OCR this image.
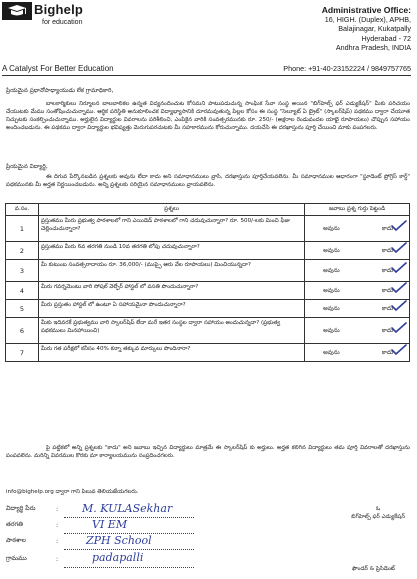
Bighelp
for education
A Catalyst For Better Education
Administrative Office:
16, HIGH. (Duplex), APHB,
Balajinagar, Kukatpally
Hyderabad - 72
Andhra Pradesh, INDIA
Phone: +91-40-23152224 / 9849757765
ప్రియమైన ప్రధానోపాధ్యాయుడు లేక గ్రామాధికారి,
బాలకార్మికులు నిర్మూలన బాలబాలికల ఉన్నత విద్యనందించుట కోసమని పాటుపడుచున్న సాంఘిక సేవా సంస్థ అయిన "బిగ్‌హెల్ప్ ఫర్ ఎడ్యుకేషన్" మీకు పరిచయం చేయుటకు మేము సంతోషించుచున్నాము. ఆర్థిక పరిస్థితి అనుకూలించక విద్యాభ్యాసానికి దూరమవుతున్న పిల్లల కోసం ఈ సంస్థ "సెల్యూట్ ఏ బ్రైట్" (స్కాలర్‌షిప్) పథకము ద్వారా చేయూత నిచ్చుటకు సంకల్పించుచున్నాము. అర్హులైన విద్యార్థుల వివరాలను పరిశీలించి, ఎంపికైన వారికి సంవత్సరమునకు రూ. 250/- (అక్షరాల రెండువందల యాభై రూపాయలు) చొప్పున సహాయం అందించబడును. ఈ పథకము ద్వారా విద్యార్థుల భవిష్యత్తు మెరుగుపరచుటకు మీ సహకారమును కోరుచున్నాము. దయచేసి ఈ దరఖాస్తును పూర్తి చేయించి మాకు పంపగలరు.
ప్రియమైన విద్యార్థి,
ఈ దిగువ పేర్కొనబడిన ప్రశ్నలకు అవును లేదా కాదు అని సమాధానములు వ్రాసి, దరఖాస్తును పూర్తిచేయవలెను. మీ సమాధానముల ఆధారంగా "స్టూడెంట్ ప్రోగ్రెస్ కార్డ్" పథకమునకు మీ అర్హత నిర్ణయించబడును. అన్ని ప్రశ్నలకు సరియైన సమాధానములు వ్రాయవలెను.
వ.సం.	ప్రశ్నలు	జవాబు ప్రశ్న గుర్తు పెట్టండి
1	ప్రస్తుతము మీరు ప్రభుత్వ పాఠశాలలో గాని ఎయిడెడ్ పాఠశాలలో గాని చదువుచున్నారా? రూ. 500/-లకు మించి ఫీజు చెల్లించుచున్నారా?	అవును కాదు

2	ప్రస్తుతము మీరు 6వ తరగతి నుండి 10వ తరగతి లోపు చదువుచున్నారా?	అవును కాదు

3	మీ కుటుంబ సంవత్సరాదాయం రూ. 36,000/- (ముప్పై ఆరు వేల రూపాయలు) మించియున్నదా?	అవును కాదు

4	మీరు గవర్నమెంటు వారి సోషల్ వెల్ఫేర్ హాస్టల్ లో వసతి పొందుచున్నారా?	అవును కాదు

5	మీరు ప్రస్తుతం హాస్టల్ లో ఉంటూ ఏ సహాయమైనా పొందుచున్నారా?	అవును కాదు

6	మీకు ఇదివరకే ప్రభుత్వము వారి స్కాలర్‌షిప్ లేదా మరే ఇతర సంస్థల ద్వారా సహాయం అందుచున్నదా? (ప్రభుత్వ పథకములు మినహాయించి)	అవును కాదు

7	మీరు గత పరీక్షలో కనీసం 40% కన్నా తక్కువ మార్కులు పొందినారా?	అవును కాదు
పై పట్టికలో అన్ని ప్రశ్నలకు "కాదు" అని జవాబు ఇచ్చిన విద్యార్థులు మాత్రమే ఈ స్కాలర్‌షిప్ కు అర్హులు. అర్హత కలిగిన విద్యార్థులు తమ పూర్తి వివరాలతో దరఖాస్తును పంపవలెను. మరిన్ని వివరముల కొరకు మా కార్యాలయమును సంప్రదించగలరు.
info@bighelp.org ద్వారా గాని పిలువ తెలియజేయగలరు.
విద్యార్థి పేరు	: M. KULASekhar
తరగతి	:	VI EM
పాఠశాల	:	ZPH School
గ్రామము	:	padapalli
ఓ
బిగ్‌హెల్ప్ ఫర్ ఎడ్యుకేషన్
ఫౌండర్ & ప్రెసిడెంట్
